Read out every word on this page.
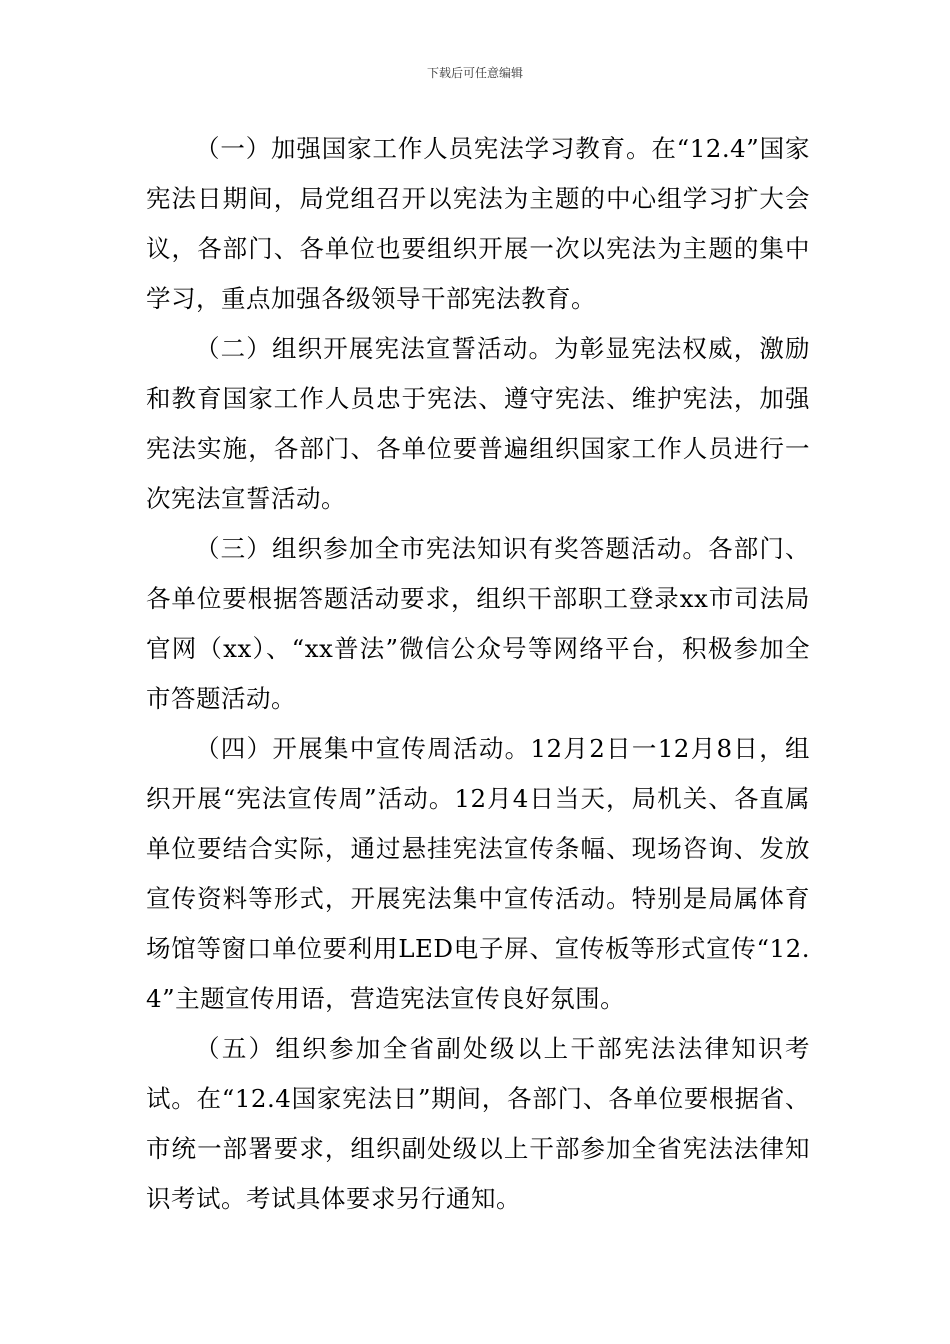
下载后可任意编辑

（一）加强国家工作人员宪法学习教育。在“12.4”国家宪法日期间，局党组召开以宪法为主题的中心组学习扩大会议，各部门、各单位也要组织开展一次以宪法为主题的集中学习，重点加强各级领导干部宪法教育。

（二）组织开展宪法宣誓活动。为彰显宪法权威，激励和教育国家工作人员忠于宪法、遵守宪法、维护宪法，加强宪法实施，各部门、各单位要普遍组织国家工作人员进行一次宪法宣誓活动。

（三）组织参加全市宪法知识有奖答题活动。各部门、各单位要根据答题活动要求，组织干部职工登录xx市司法局官网（xx）、“xx普法”微信公众号等网络平台，积极参加全市答题活动。

（四）开展集中宣传周活动。12月2日一12月8日，组织开展“宪法宣传周”活动。12月4日当天，局机关、各直属单位要结合实际，通过悬挂宪法宣传条幅、现场咨询、发放宣传资料等形式，开展宪法集中宣传活动。特别是局属体育场馆等窗口单位要利用LED电子屏、宣传板等形式宣传“12.4”主题宣传用语，营造宪法宣传良好氛围。

（五）组织参加全省副处级以上干部宪法法律知识考试。在“12.4国家宪法日”期间，各部门、各单位要根据省、市统一部署要求，组织副处级以上干部参加全省宪法法律知识考试。考试具体要求另行通知。
